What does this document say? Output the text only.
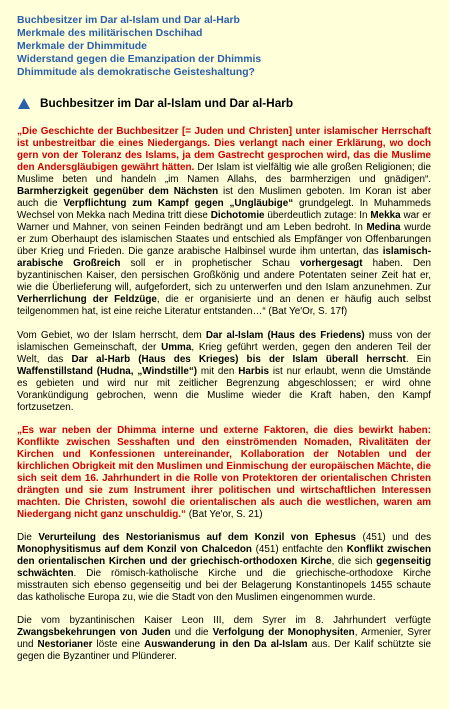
Buchbesitzer im Dar al-Islam und Dar al-Harb
Merkmale des militärischen Dschihad
Merkmale der Dhimmitude
Widerstand gegen die Emanzipation der Dhimmis
Dhimmitude als demokratische Geisteshaltung?
Buchbesitzer im Dar al-Islam und Dar al-Harb

„Die Geschichte der Buchbesitzer [= Juden und Christen] unter islamischer Herrschaft ist unbestreitbar die eines Niedergangs. Dies verlangt nach einer Erklärung, wo doch gern von der Toleranz des Islams, ja dem Gastrecht gesprochen wird, das die Muslime den Andersgläubigen gewährt hätten. Der Islam ist vielfältig wie alle großen Religionen; die Muslime beten und handeln „im Namen Allahs, des barmherzigen und gnädigen“. Barmherzigkeit gegenüber dem Nächsten ist den Muslimen geboten. Im Koran ist aber auch die Verpflichtung zum Kampf gegen „Ungläubige“ grundgelegt. In Muhammeds Wechsel von Mekka nach Medina tritt diese Dichotomie überdeutlich zutage: In Mekka war er Warner und Mahner, von seinen Feinden bedrängt und am Leben bedroht. In Medina wurde er zum Oberhaupt des islamischen Staates und entschied als Empfänger von Offenbarungen über Krieg und Frieden. Die ganze arabische Halbinsel wurde ihm untertan, das islamisch-arabische Großreich soll er in prophetischer Schau vorhergesagt haben. Den byzantinischen Kaiser, den persischen Großkönig und andere Potentaten seiner Zeit hat er, wie die Überlieferung will, aufgefordert, sich zu unterwerfen und den Islam anzunehmen. Zur Verherrlichung der Feldzüge, die er organisierte und an denen er häufig auch selbst teilgenommen hat, ist eine reiche Literatur entstanden…“ (Bat Ye'Or, S. 17f)

Vom Gebiet, wo der Islam herrscht, dem Dar al-Islam (Haus des Friedens) muss von der islamischen Gemeinschaft, der Umma, Krieg geführt werden, gegen den anderen Teil der Welt, das Dar al-Harb (Haus des Krieges) bis der Islam überall herrscht. Ein Waffenstillstand (Hudna, „Windstille“) mit den Harbis ist nur erlaubt, wenn die Umstände es gebieten und wird nur mit zeitlicher Begrenzung abgeschlossen; er wird ohne Vorankündigung gebrochen, wenn die Muslime wieder die Kraft haben, den Kampf fortzusetzen.

„Es war neben der Dhimma interne und externe Faktoren, die dies bewirkt haben: Konflikte zwischen Sesshaften und den einströmenden Nomaden, Rivalitäten der Kirchen und Konfessionen untereinander, Kollaboration der Notablen und der kirchlichen Obrigkeit mit den Muslimen und Einmischung der europäischen Mächte, die sich seit dem 16. Jahrhundert in die Rolle von Protektoren der orientalischen Christen drängten und sie zum Instrument ihrer politischen und wirtschaftlichen Interessen machten. Die Christen, sowohl die orientalischen als auch die westlichen, waren am Niedergang nicht ganz unschuldig.“ (Bat Ye'or, S. 21)

Die Verurteilung des Nestorianismus auf dem Konzil von Ephesus (451) und des Monophysitismus auf dem Konzil von Chalcedon (451) entfachte den Konflikt zwischen den orientalischen Kirchen und der griechisch-orthodoxen Kirche, die sich gegenseitig schwächten. Die römisch-katholische Kirche und die griechische-orthodoxe Kirche misstrauten sich ebenso gegenseitig und bei der Belagerung Konstantinopels 1455 schaute das katholische Europa zu, wie die Stadt von den Muslimen eingenommen wurde.

Die vom byzantinischen Kaiser Leon III, dem Syrer im 8. Jahrhundert verfügte Zwangsbekehrungen von Juden und die Verfolgung der Monophysiten, Armenier, Syrer und Nestorianer löste eine Auswanderung in den Da al-Islam aus. Der Kalif schützte sie gegen die Byzantiner und Plünderer.
